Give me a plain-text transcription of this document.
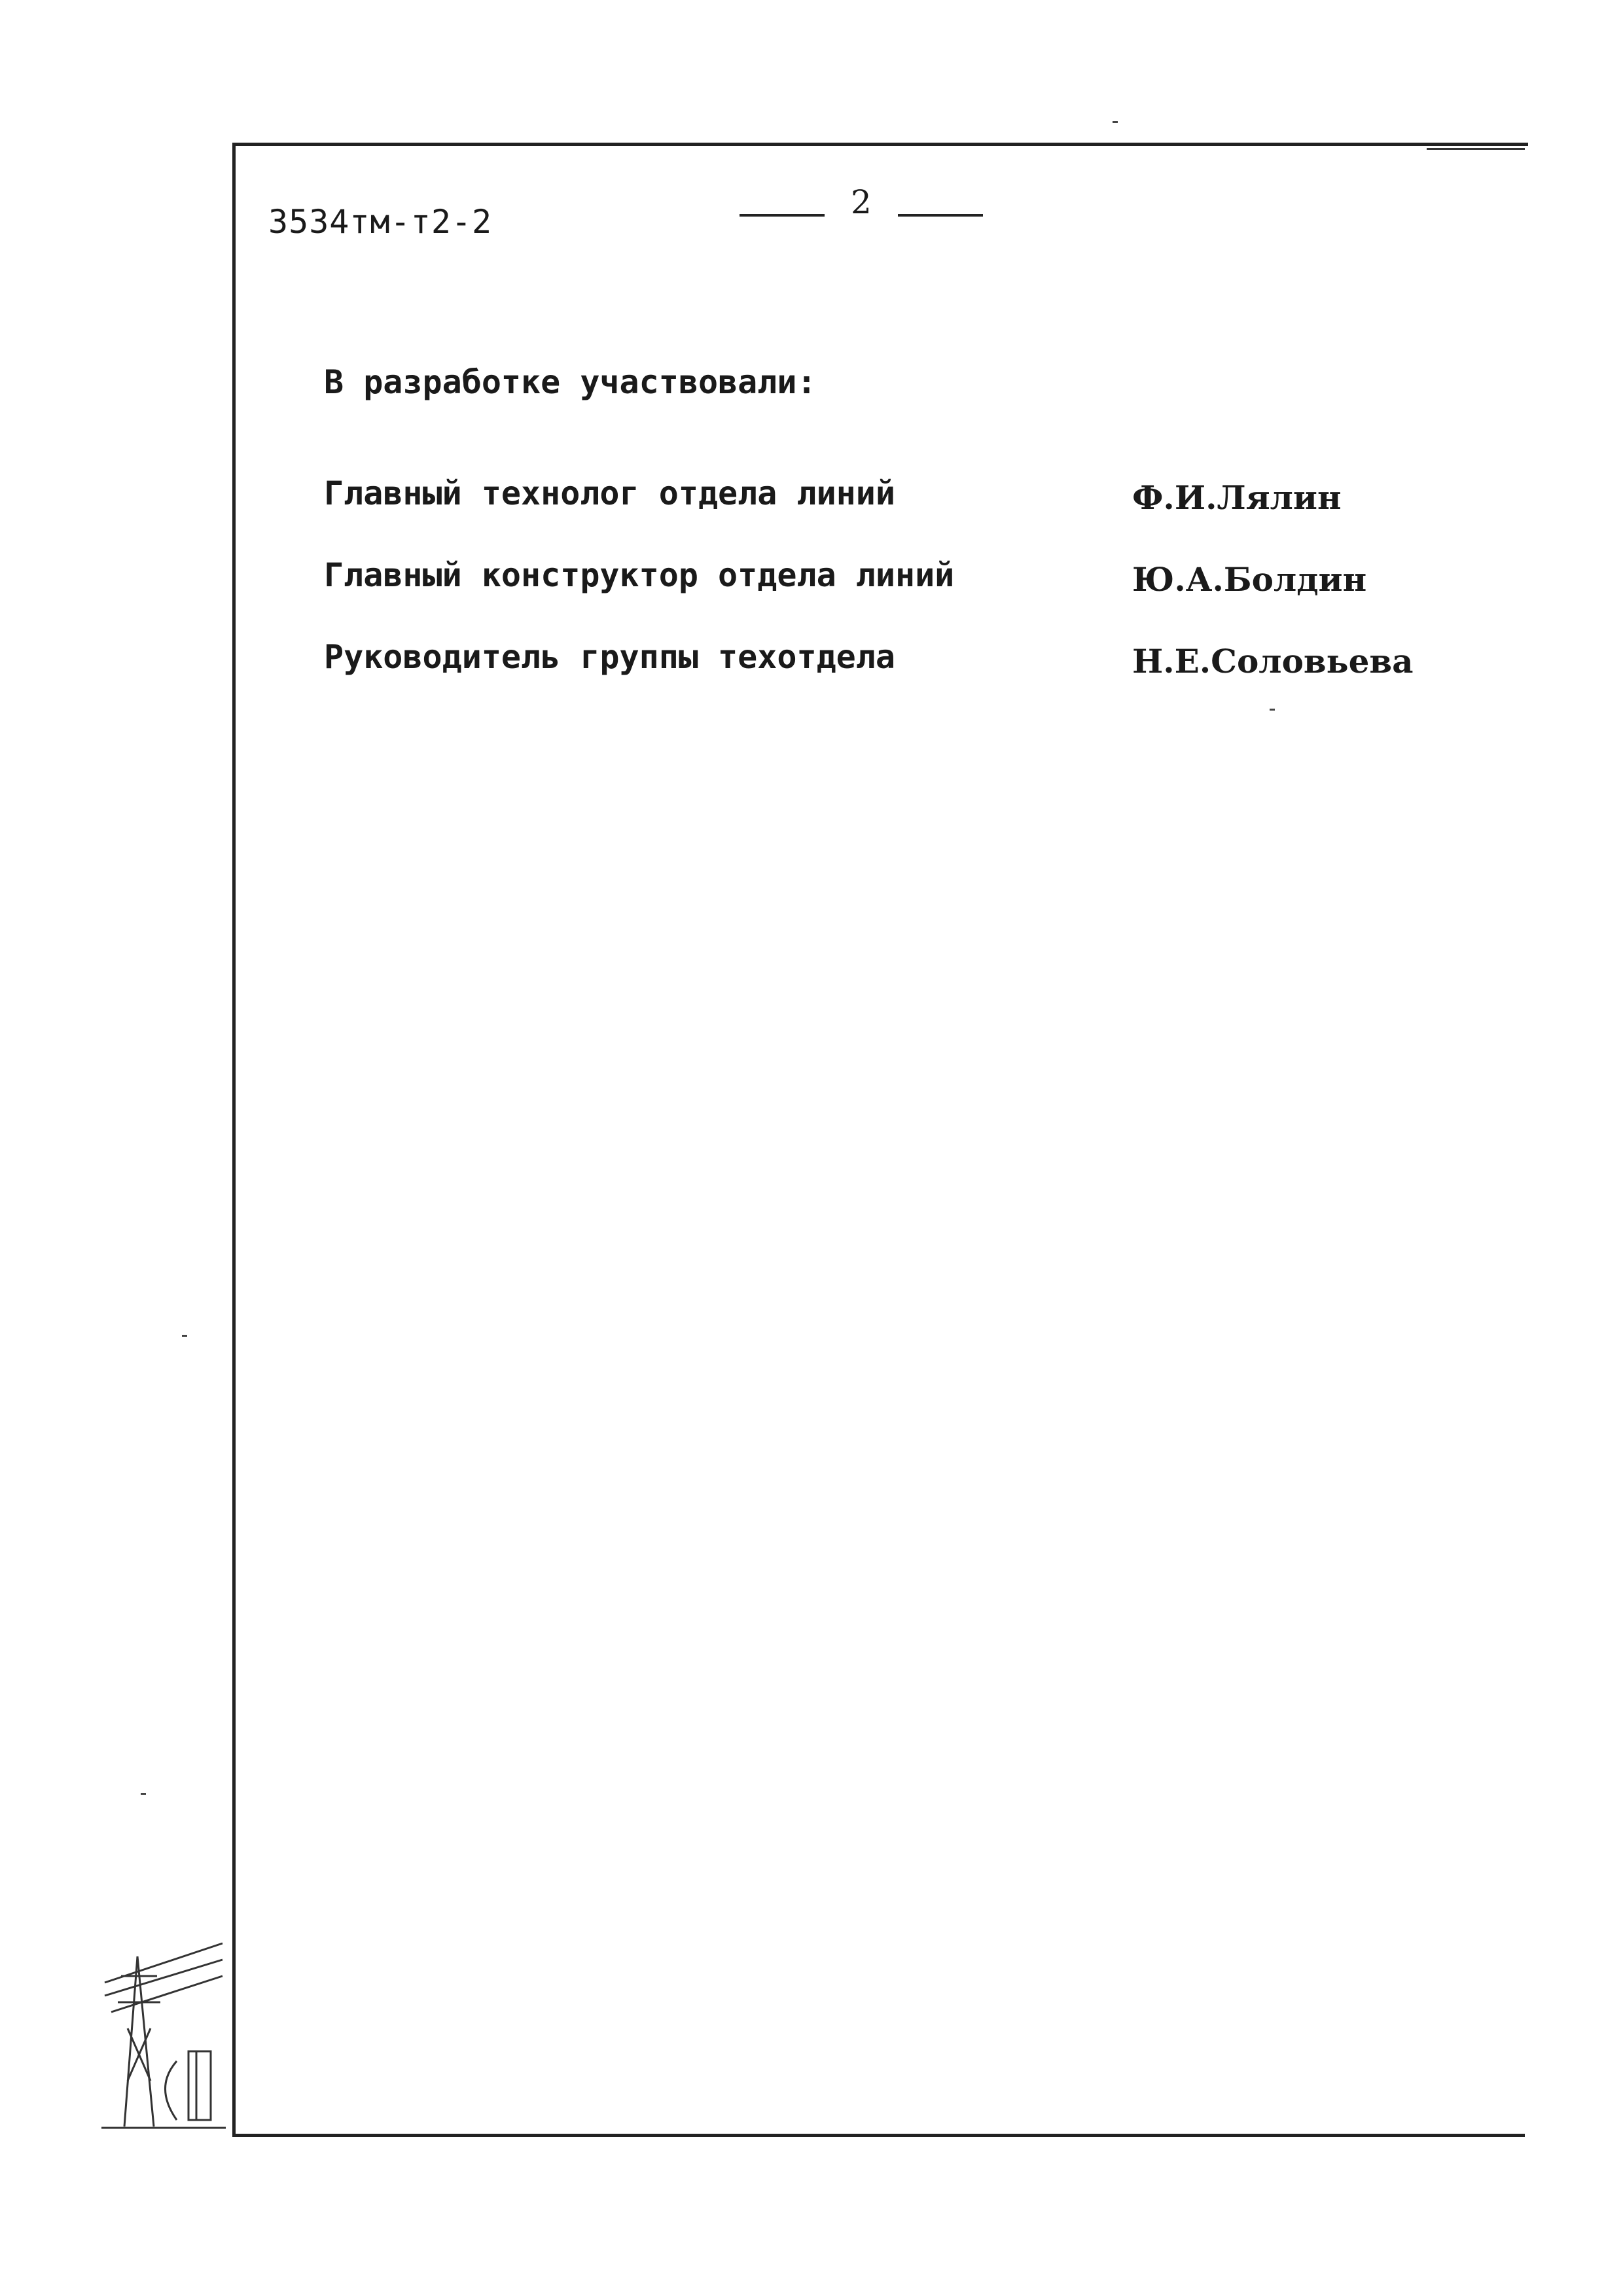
3534тм-т2-2
2
В разработке участвовали:
Главный технолог отдела линий	Ф.И.Лялин
Главный конструктор отдела линий	Ю.А.Болдин
Руководитель группы техотдела	Н.Е.Соловьева
